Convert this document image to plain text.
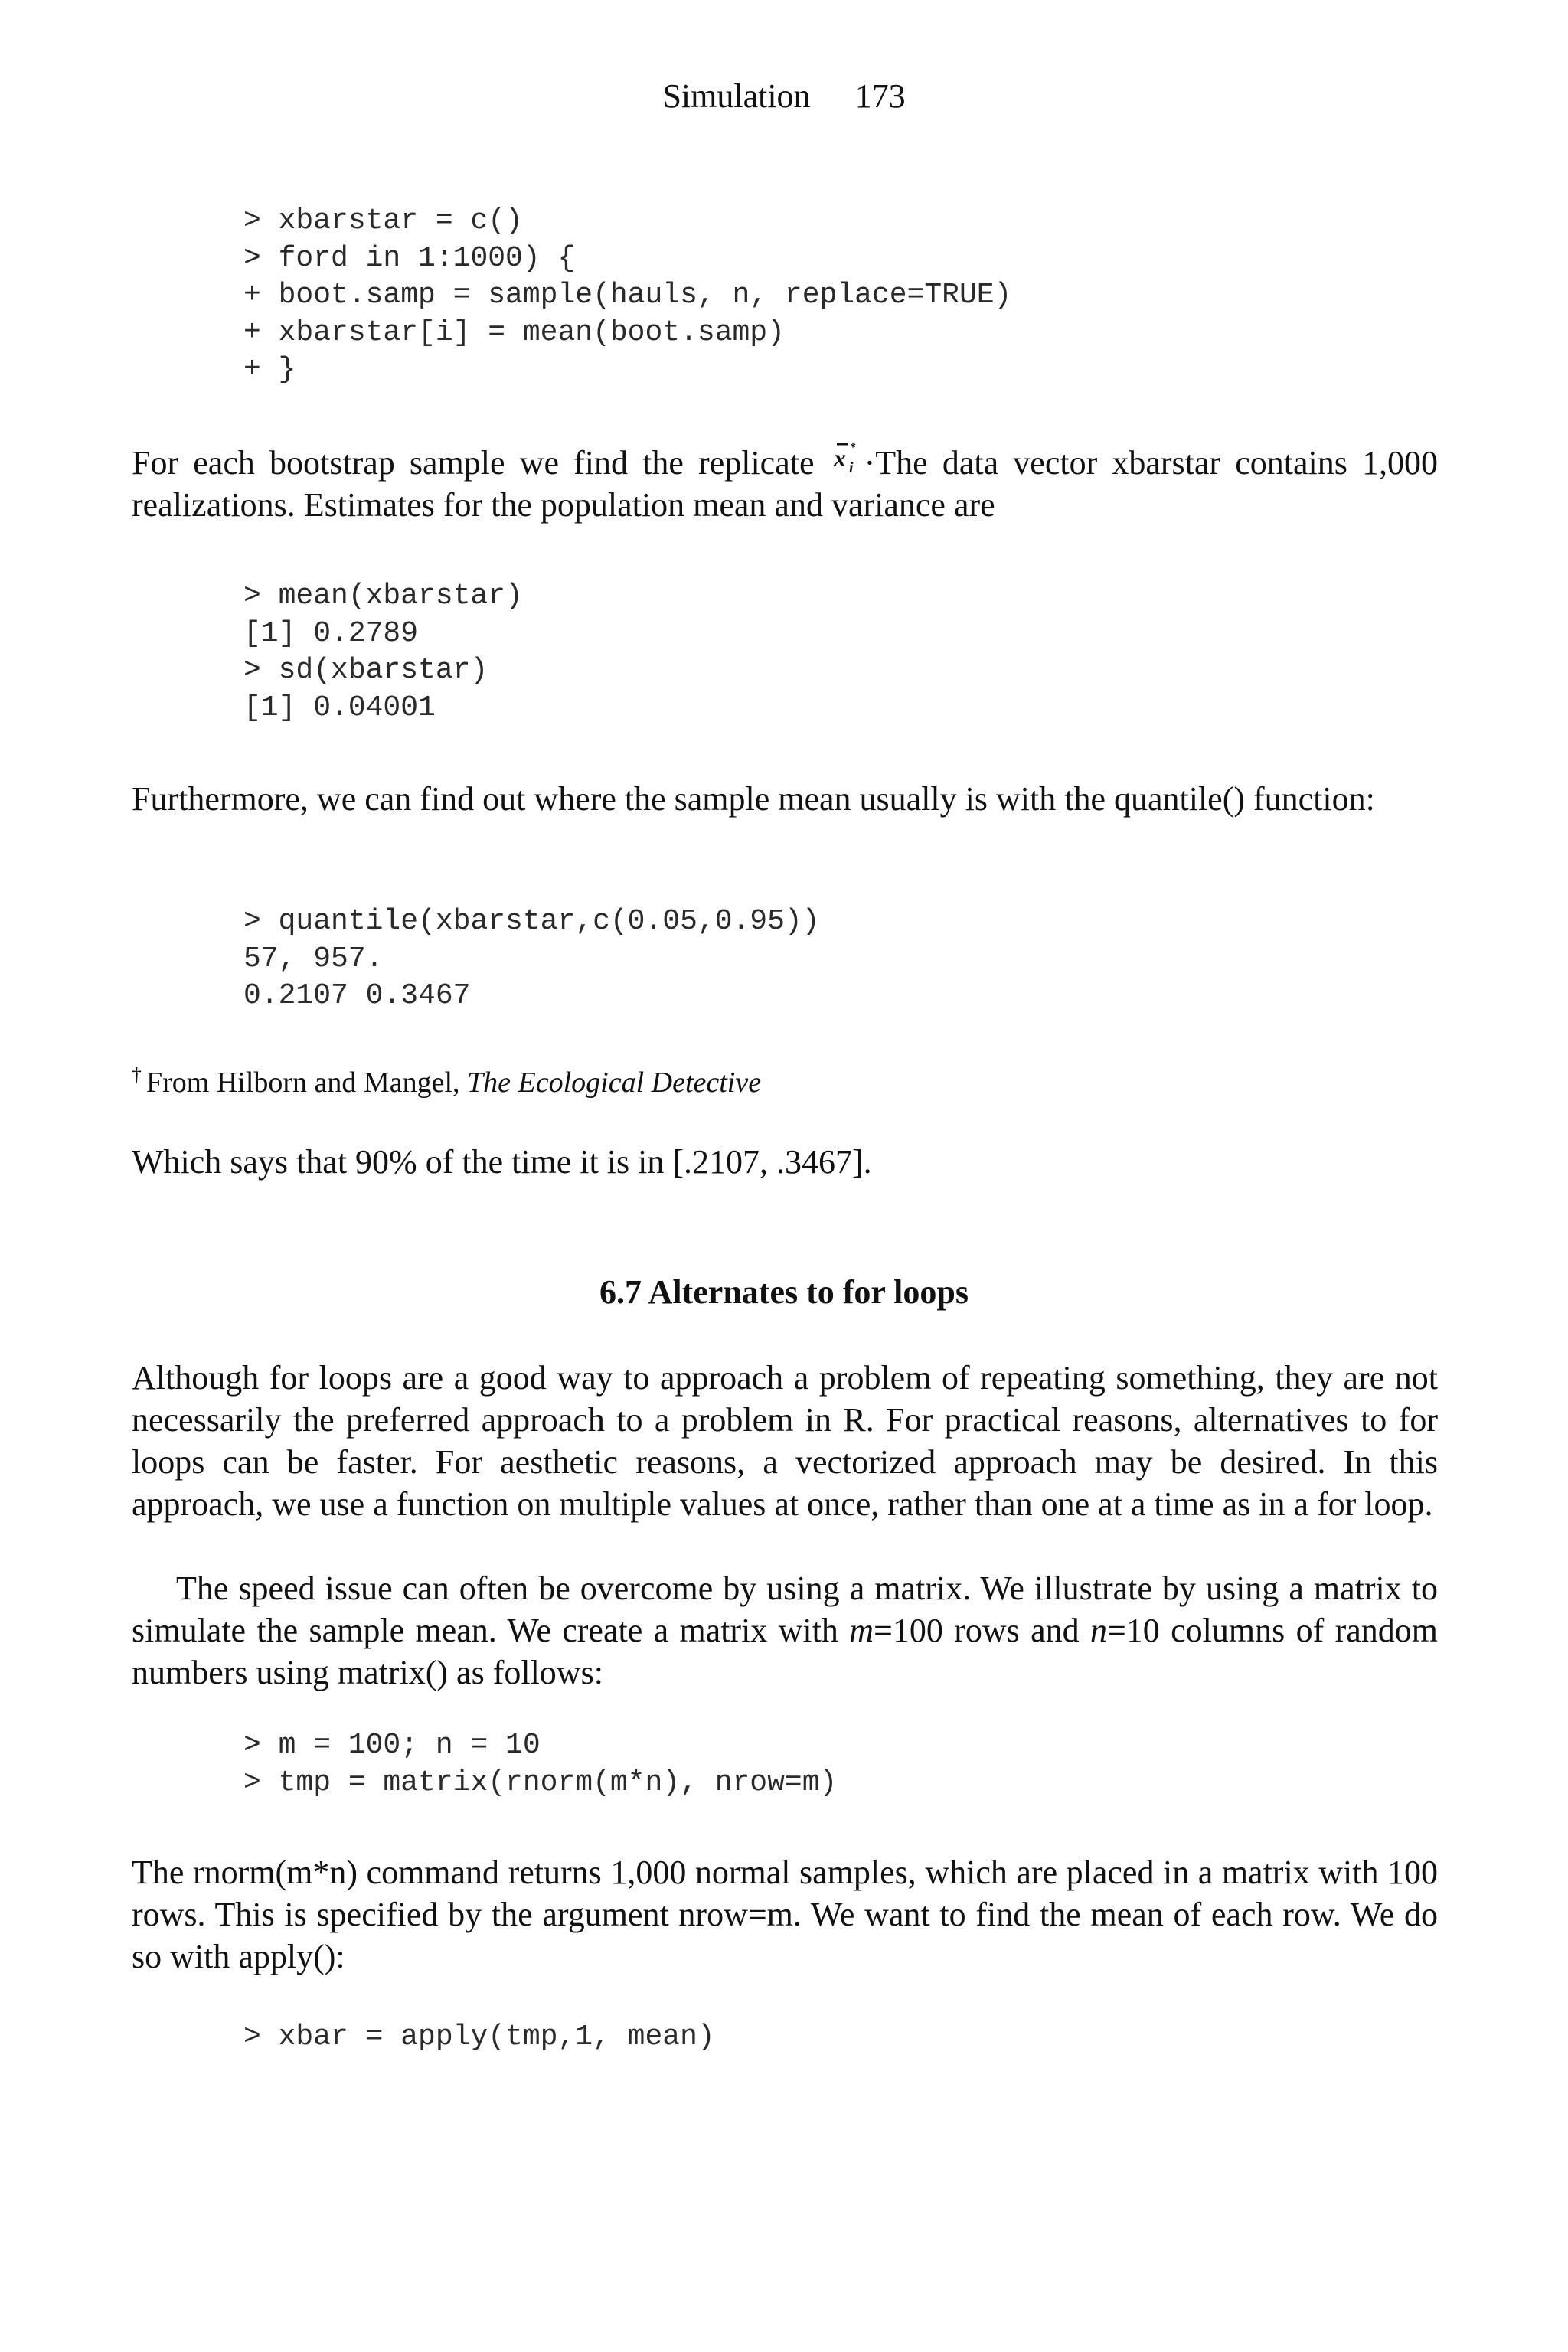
Simulation 173
> xbarstar = c()
> ford in 1:1000) {
+ boot.samp = sample(hauls, n, replace=TRUE)
+ xbarstar[i] = mean(boot.samp)
+ }

For each bootstrap sample we find the replicate	*
x i ·The data vector xbarstar contains 1,000 realizations. Estimates for the population mean and variance are

> mean(xbarstar)
[1] 0.2789
> sd(xbarstar)
[1] 0.04001

Furthermore, we can find out where the sample mean usually is with the quantile() function:

> quantile(xbarstar,c(0.05,0.95))
57, 957.
0.2107 0.3467

† From Hilborn and Mangel, The Ecological Detective

Which says that 90% of the time it is in [.2107, .3467].

6.7 Alternates to for loops

Although for loops are a good way to approach a problem of repeating something, they are not necessarily the preferred approach to a problem in R. For practical reasons, alternatives to for loops can be faster. For aesthetic reasons, a vectorized approach may be desired. In this approach, we use a function on multiple values at once, rather than one at a time as in a for loop.

The speed issue can often be overcome by using a matrix. We illustrate by using a matrix to simulate the sample mean. We create a matrix with m=100 rows and n=10 columns of random numbers using matrix() as follows:

> m = 100; n = 10
> tmp = matrix(rnorm(m*n), nrow=m)

The rnorm(m*n) command returns 1,000 normal samples, which are placed in a matrix with 100 rows. This is specified by the argument nrow=m. We want to find the mean of each row. We do so with apply():

> xbar = apply(tmp,1, mean)
